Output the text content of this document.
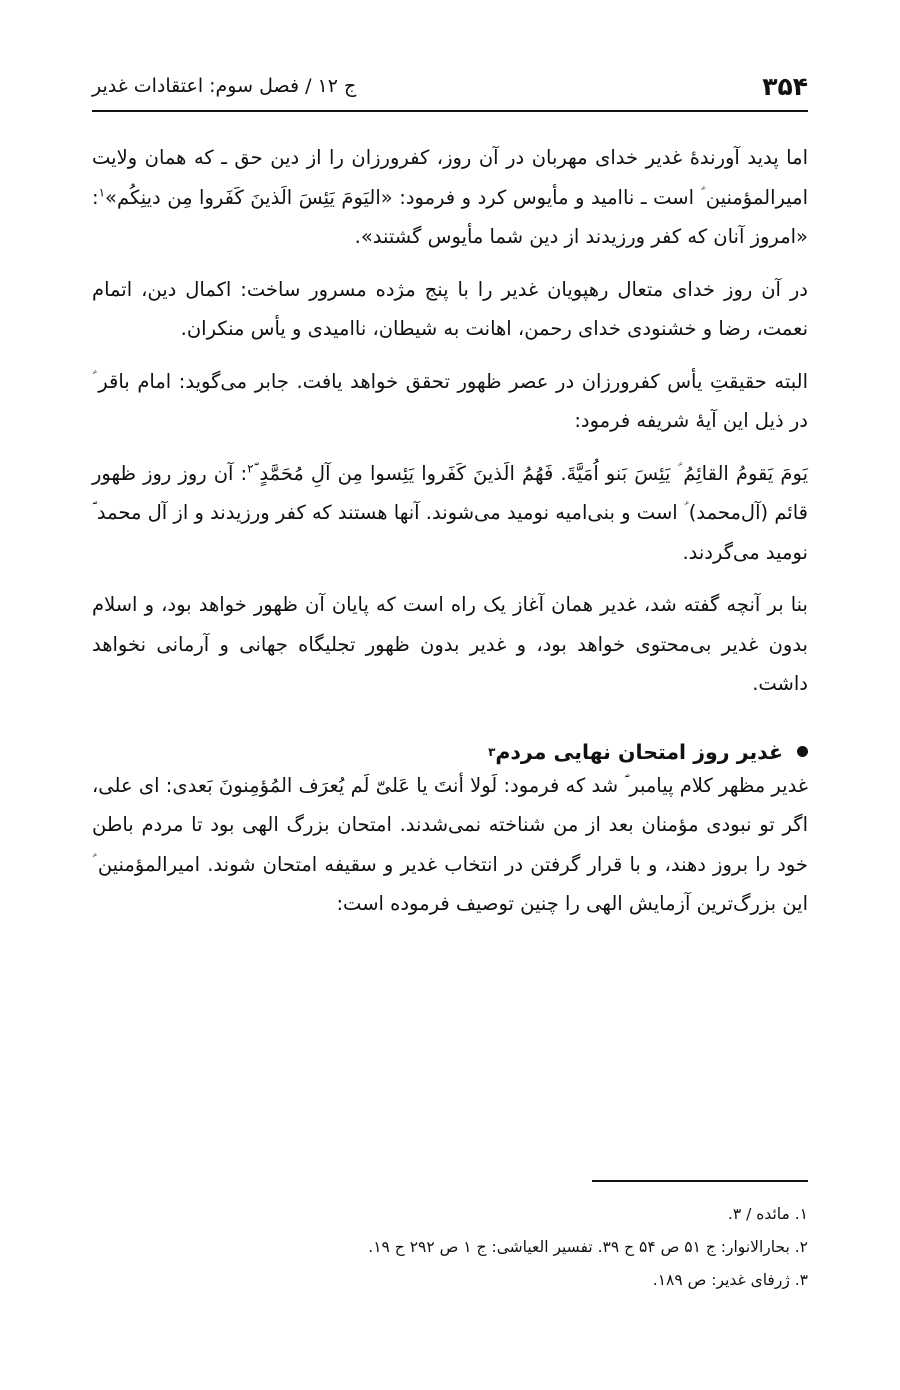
۳۵۴
ج ۱۲ / فصل سوم: اعتقادات غدیر

اما پدید آورندهٔ غدیر خدای مهربان در آن روز، کفرورزان را از دین حق ـ که همان ولایت امیرالمؤمنین ؑ است ـ ناامید و مأیوس کرد و فرمود: «الیَومَ یَئِسَ الَذینَ کَفَروا مِن دینِکُم»$^۱$: «امروز آنان که کفر ورزیدند از دین شما مأیوس گشتند».

در آن روز خدای متعال رهپویان غدیر را با پنج مژده مسرور ساخت: اکمال دین، اتمام نعمت، رضا و خشنودی خدای رحمن، اهانت به شیطان، ناامیدی و یأس منکران.

البته حقیقتِ یأس کفرورزان در عصر ظهور تحقق خواهد یافت. جابر می‌گوید: امام باقر ؑ در ذیل این آیهٔ شریفه فرمود:

یَومَ یَقومُ القائِمُ ؑ یَئِسَ بَنو اُمَیَّةَ. فَهُمُ الَذینَ کَفَروا یَئِسوا مِن آلِ مُحَمَّدٍ ؐ$^۲$: آن روز روز ظهور قائم (آل‌محمد) ؑ است و بنی‌امیه نومید می‌شوند. آنها هستند که کفر ورزیدند و از آل محمد ؐ نومید می‌گردند.

بنا بر آنچه گفته شد، غدیر همان آغاز یک راه است که پایان آن ظهور خواهد بود، و اسلام بدون غدیر بی‌محتوی خواهد بود، و غدیر بدون ظهور تجلیگاه جهانی و آرمانی نخواهد داشت.

غدیر روز امتحان نهایی مردم
۳

غدیر مظهر کلام پیامبر ؐ شد که فرمود: لَولا أنتَ یا عَلیّ لَم یُعرَف المُؤمِنونَ بَعدی: ای علی، اگر تو نبودی مؤمنان بعد از من شناخته نمی‌شدند. امتحان بزرگ الهی بود تا مردم باطن خود را بروز دهند، و با قرار گرفتن در انتخاب غدیر و سقیفه امتحان شوند. امیرالمؤمنین ؑ این بزرگ‌ترین آزمایش الهی را چنین توصیف فرموده است:

۱. مائده / ۳.

۲. بحارالانوار: ج ۵۱ ص ۵۴ ح ۳۹. تفسیر العیاشی: ج ۱ ص ۲۹۲ ح ۱۹.

۳. ژرفای غدیر: ص ۱۸۹.
